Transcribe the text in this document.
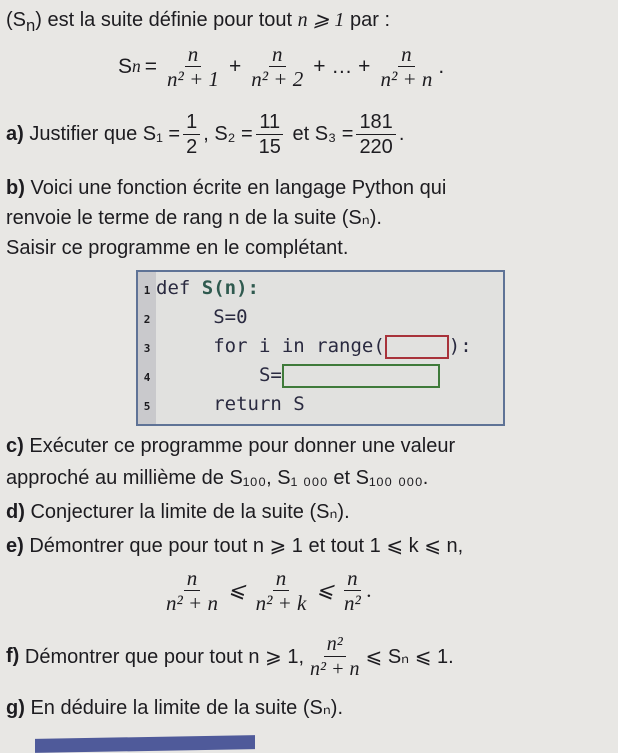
$(S_n)$ est la suite définie pour tout n ⩾ 1 par :
S $n = \frac{n}{\text{n² + 1}} + \frac{n}{\text{n² + 2}}$ + … + $\frac{n}{\text{n² + n}}$ .
a)
Justifier que $S_1 = \frac{1}{2}$ , $S_2 = \frac{11}{15}$
et $S_3 = \frac{181}{220}$ .
b) Voici une fonction écrite en langage Python qui
renvoie le terme de rang n de la suite (Sₙ).
Saisir ce programme en le complétant.
1 def S(n):
2     S=0
3     for i in range(	):
4         S=
5     return S
c) Exécuter ce programme pour donner une valeur
approché au millième de S₁₀₀, S₁ ₀₀₀ et S₁₀₀ ₀₀₀.
d) Conjecturer la limite de la suite (Sₙ).
e) Démontrer que pour tout n ⩾ 1 et tout 1 ⩽ k ⩽ n,
$\frac{n}{\text{n² + n}}$ ⩽ $\frac{n}{\text{n² + k}}$ ⩽ $\frac{n}{\text{n²}}$ .
f)
Démontrer que pour tout n ⩾ 1, $\frac{\text{n²}}{\text{n² + n}}$ ⩽ Sₙ ⩽ 1.
g) En déduire la limite de la suite (Sₙ).
